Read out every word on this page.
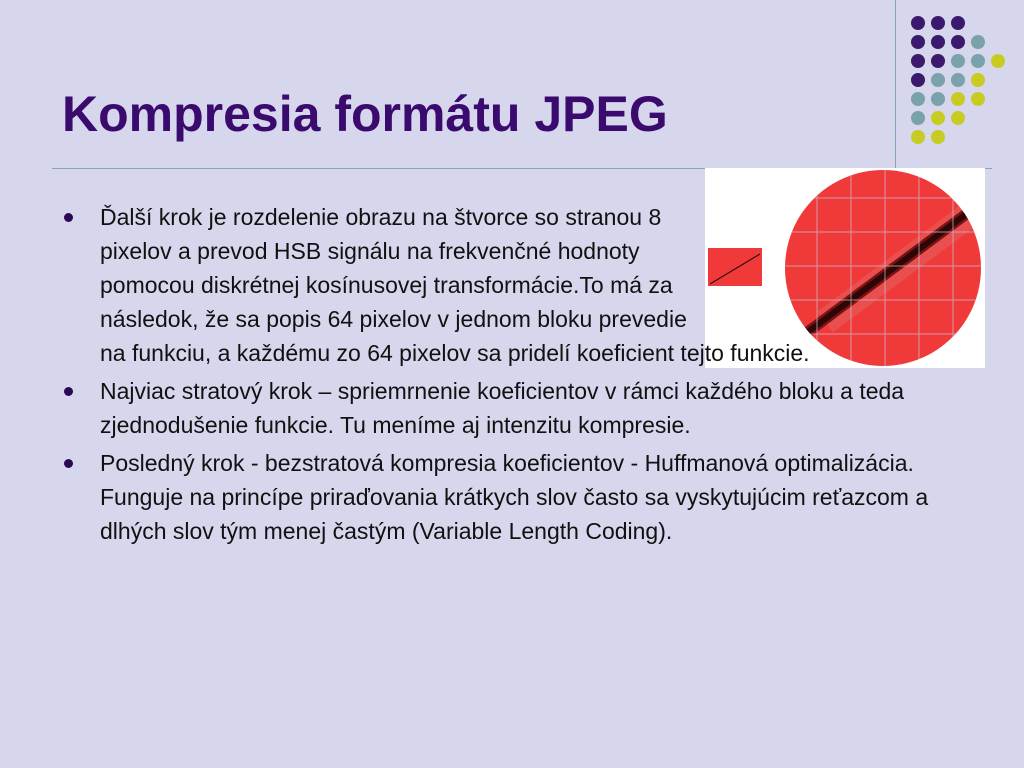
Kompresia formátu JPEG
Ďalší krok je rozdelenie obrazu na štvorce so stranou 8 pixelov a prevod HSB signálu na frekvenčné hodnoty pomocou diskrétnej kosínusovej transformácie.To má za následok, že sa popis 64 pixelov v jednom bloku prevedie
na funkciu, a každému zo 64 pixelov sa pridelí koeficient tejto funkcie.
Najviac stratový krok – spriemrnenie koeficientov v rámci každého bloku a teda zjednodušenie funkcie. Tu meníme aj intenzitu kompresie.
Posledný krok - bezstratová kompresia koeficientov - Huffmanová optimalizácia. Funguje na princípe priraďovania krátkych slov často sa vyskytujúcim reťazcom a dlhých slov tým menej častým (Variable Length Coding).
